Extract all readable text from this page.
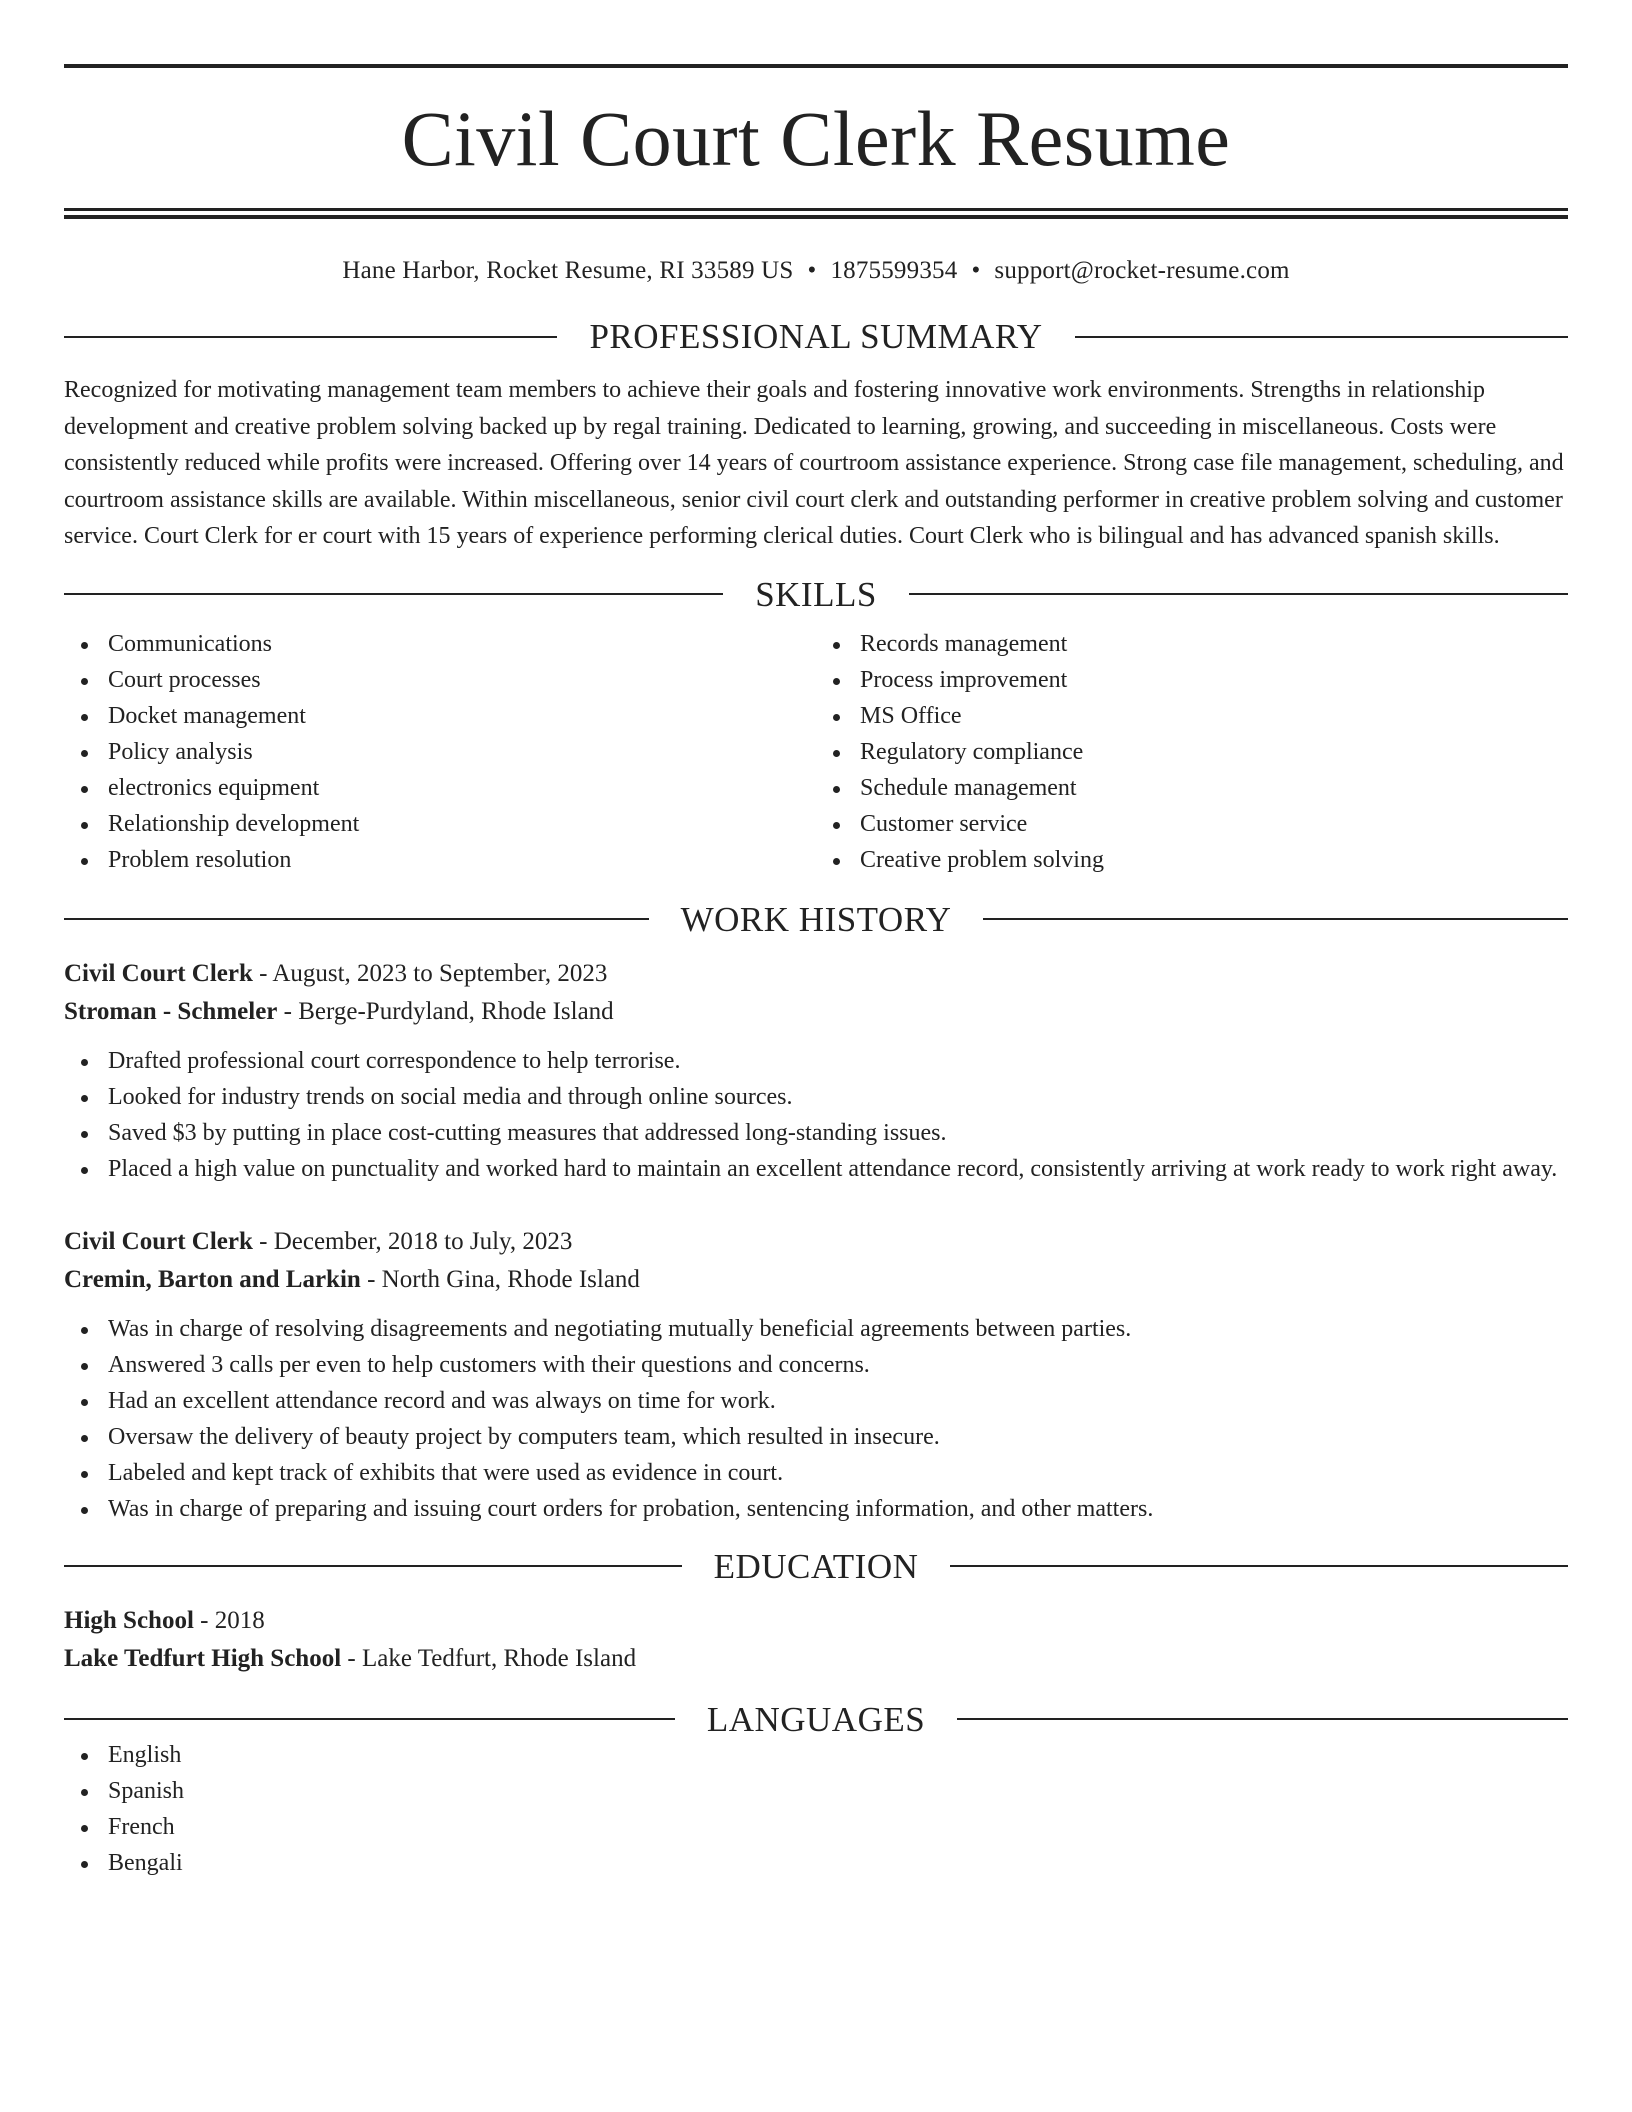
Civil Court Clerk Resume
Hane Harbor, Rocket Resume, RI 33589 US • 1875599354 • support@rocket-resume.com
PROFESSIONAL SUMMARY

Recognized for motivating management team members to achieve their goals and fostering innovative work environments. Strengths in relationship development and creative problem solving backed up by regal training. Dedicated to learning, growing, and succeeding in miscellaneous. Costs were consistently reduced while profits were increased. Offering over 14 years of courtroom assistance experience. Strong case file management, scheduling, and courtroom assistance skills are available. Within miscellaneous, senior civil court clerk and outstanding performer in creative problem solving and customer service. Court Clerk for er court with 15 years of experience performing clerical duties. Court Clerk who is bilingual and has advanced spanish skills.

SKILLS
Communications
Court processes
Docket management
Policy analysis
electronics equipment
Relationship development
Problem resolution
Records management
Process improvement
MS Office
Regulatory compliance
Schedule management
Customer service
Creative problem solving
WORK HISTORY
Civil Court Clerk - August, 2023 to September, 2023
Stroman - Schmeler - Berge-Purdyland, Rhode Island
Drafted professional court correspondence to help terrorise.
Looked for industry trends on social media and through online sources.
Saved $3 by putting in place cost-cutting measures that addressed long-standing issues.
Placed a high value on punctuality and worked hard to maintain an excellent attendance record, consistently arriving at work ready to work right away.
Civil Court Clerk - December, 2018 to July, 2023
Cremin, Barton and Larkin - North Gina, Rhode Island
Was in charge of resolving disagreements and negotiating mutually beneficial agreements between parties.
Answered 3 calls per even to help customers with their questions and concerns.
Had an excellent attendance record and was always on time for work.
Oversaw the delivery of beauty project by computers team, which resulted in insecure.
Labeled and kept track of exhibits that were used as evidence in court.
Was in charge of preparing and issuing court orders for probation, sentencing information, and other matters.
EDUCATION
High School - 2018
Lake Tedfurt High School - Lake Tedfurt, Rhode Island
LANGUAGES
English
Spanish
French
Bengali
